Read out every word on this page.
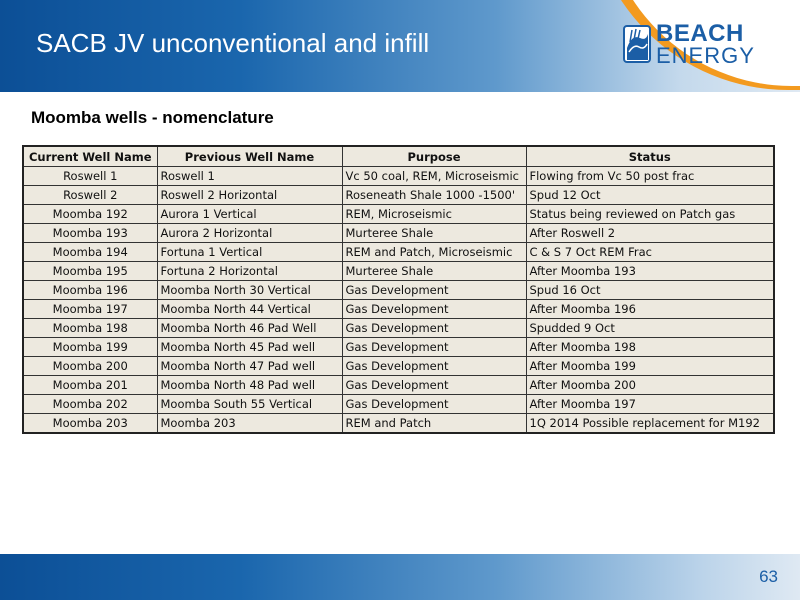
SACB JV unconventional and infill	BEACH
ENERGY
Moomba wells - nomenclature
Current Well Name	Previous Well Name	Purpose	Status
Roswell 1	Roswell 1	Vc 50 coal, REM, Microseismic	Flowing from Vc 50 post frac
Roswell 2	Roswell 2 Horizontal	Roseneath Shale 1000 -1500'	Spud 12 Oct
Moomba 192	Aurora 1 Vertical	REM, Microseismic	Status being reviewed on Patch gas
Moomba 193	Aurora 2 Horizontal	Murteree Shale	After Roswell 2
Moomba 194	Fortuna 1 Vertical	REM and Patch, Microseismic	C & S 7 Oct REM Frac
Moomba 195	Fortuna 2 Horizontal	Murteree Shale	After Moomba 193
Moomba 196	Moomba North 30 Vertical	Gas Development	Spud 16 Oct
Moomba 197	Moomba North 44 Vertical	Gas Development	After Moomba 196
Moomba 198	Moomba North 46 Pad Well	Gas Development	Spudded 9 Oct
Moomba 199	Moomba North 45 Pad well	Gas Development	After Moomba 198
Moomba 200	Moomba North 47 Pad well	Gas Development	After Moomba 199
Moomba 201	Moomba North 48 Pad well	Gas Development	After Moomba 200
Moomba 202	Moomba South 55 Vertical	Gas Development	After Moomba 197
Moomba 203	Moomba 203	REM and Patch	1Q 2014 Possible replacement for M192
63
